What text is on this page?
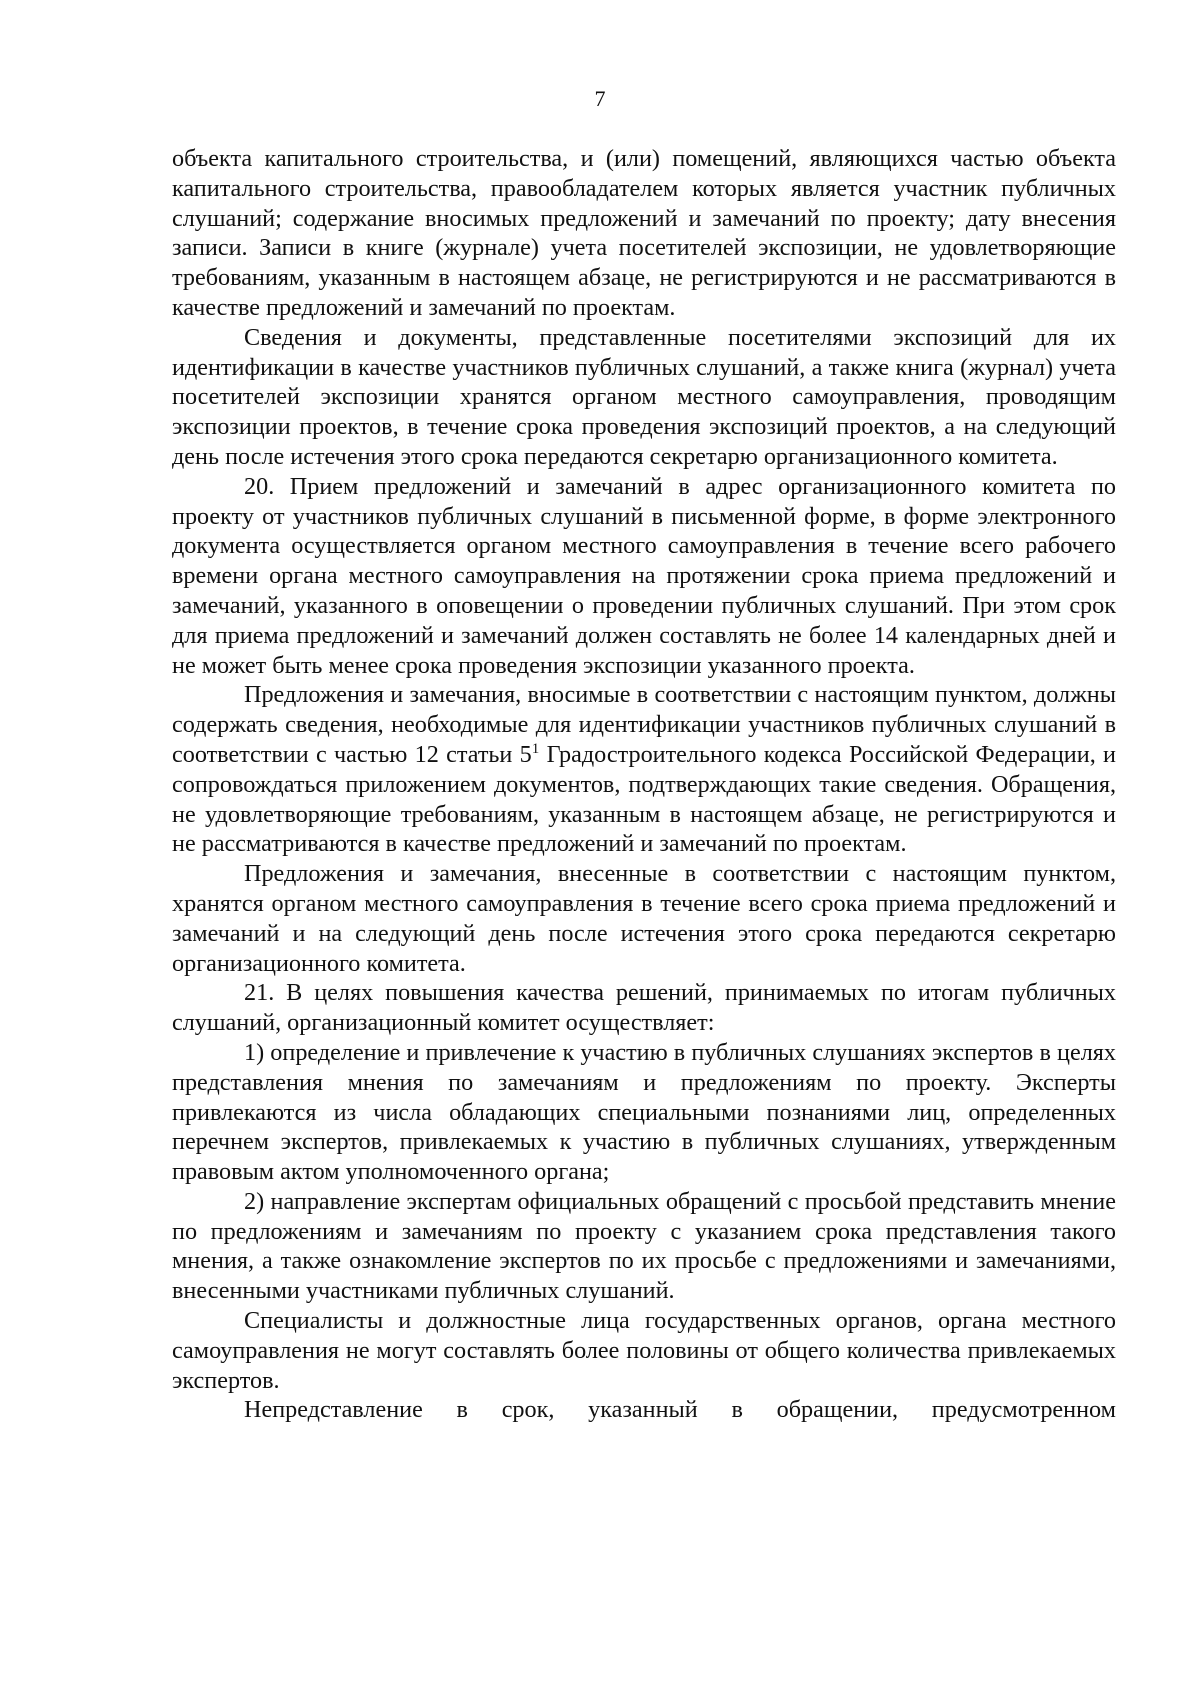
7

объекта капитального строительства, и (или) помещений, являющихся частью объекта капитального строительства, правообладателем которых является участник публичных слушаний; содержание вносимых предложений и замечаний по проекту; дату внесения записи. Записи в книге (журнале) учета посетителей экспозиции, не удовлетворяющие требованиям, указанным в настоящем абзаце, не регистрируются и не рассматриваются в качестве предложений и замечаний по проектам.

Сведения и документы, представленные посетителями экспозиций для их идентификации в качестве участников публичных слушаний, а также книга (журнал) учета посетителей экспозиции хранятся органом местного самоуправления, проводящим экспозиции проектов, в течение срока проведения экспозиций проектов, а на следующий день после истечения этого срока передаются секретарю организационного комитета.

20. Прием предложений и замечаний в адрес организационного комитета по проекту от участников публичных слушаний в письменной форме, в форме электронного документа осуществляется органом местного самоуправления в течение всего рабочего времени органа местного самоуправления на протяжении срока приема предложений и замечаний, указанного в оповещении о проведении публичных слушаний. При этом срок для приема предложений и замечаний должен составлять не более 14 календарных дней и не может быть менее срока проведения экспозиции указанного проекта.

Предложения и замечания, вносимые в соответствии с настоящим пунктом, должны содержать сведения, необходимые для идентификации участников публичных слушаний в соответствии с частью 12 статьи $5^1$ Градостроительного кодекса Российской Федерации, и сопровождаться приложением документов, подтверждающих такие сведения. Обращения, не удовлетворяющие требованиям, указанным в настоящем абзаце, не регистрируются и не рассматриваются в качестве предложений и замечаний по проектам.

Предложения и замечания, внесенные в соответствии с настоящим пунктом, хранятся органом местного самоуправления в течение всего срока приема предложений и замечаний и на следующий день после истечения этого срока передаются секретарю организационного комитета.

21. В целях повышения качества решений, принимаемых по итогам публичных слушаний, организационный комитет осуществляет:

1) определение и привлечение к участию в публичных слушаниях экспертов в целях представления мнения по замечаниям и предложениям по проекту. Эксперты привлекаются из числа обладающих специальными познаниями лиц, определенных перечнем экспертов, привлекаемых к участию в публичных слушаниях, утвержденным правовым актом уполномоченного органа;

2) направление экспертам официальных обращений с просьбой представить мнение по предложениям и замечаниям по проекту с указанием срока представления такого мнения, а также ознакомление экспертов по их просьбе с предложениями и замечаниями, внесенными участниками публичных слушаний.

Специалисты и должностные лица государственных органов, органа местного самоуправления не могут составлять более половины от общего количества привлекаемых экспертов.

Непредставление в срок, указанный в обращении, предусмотренном
